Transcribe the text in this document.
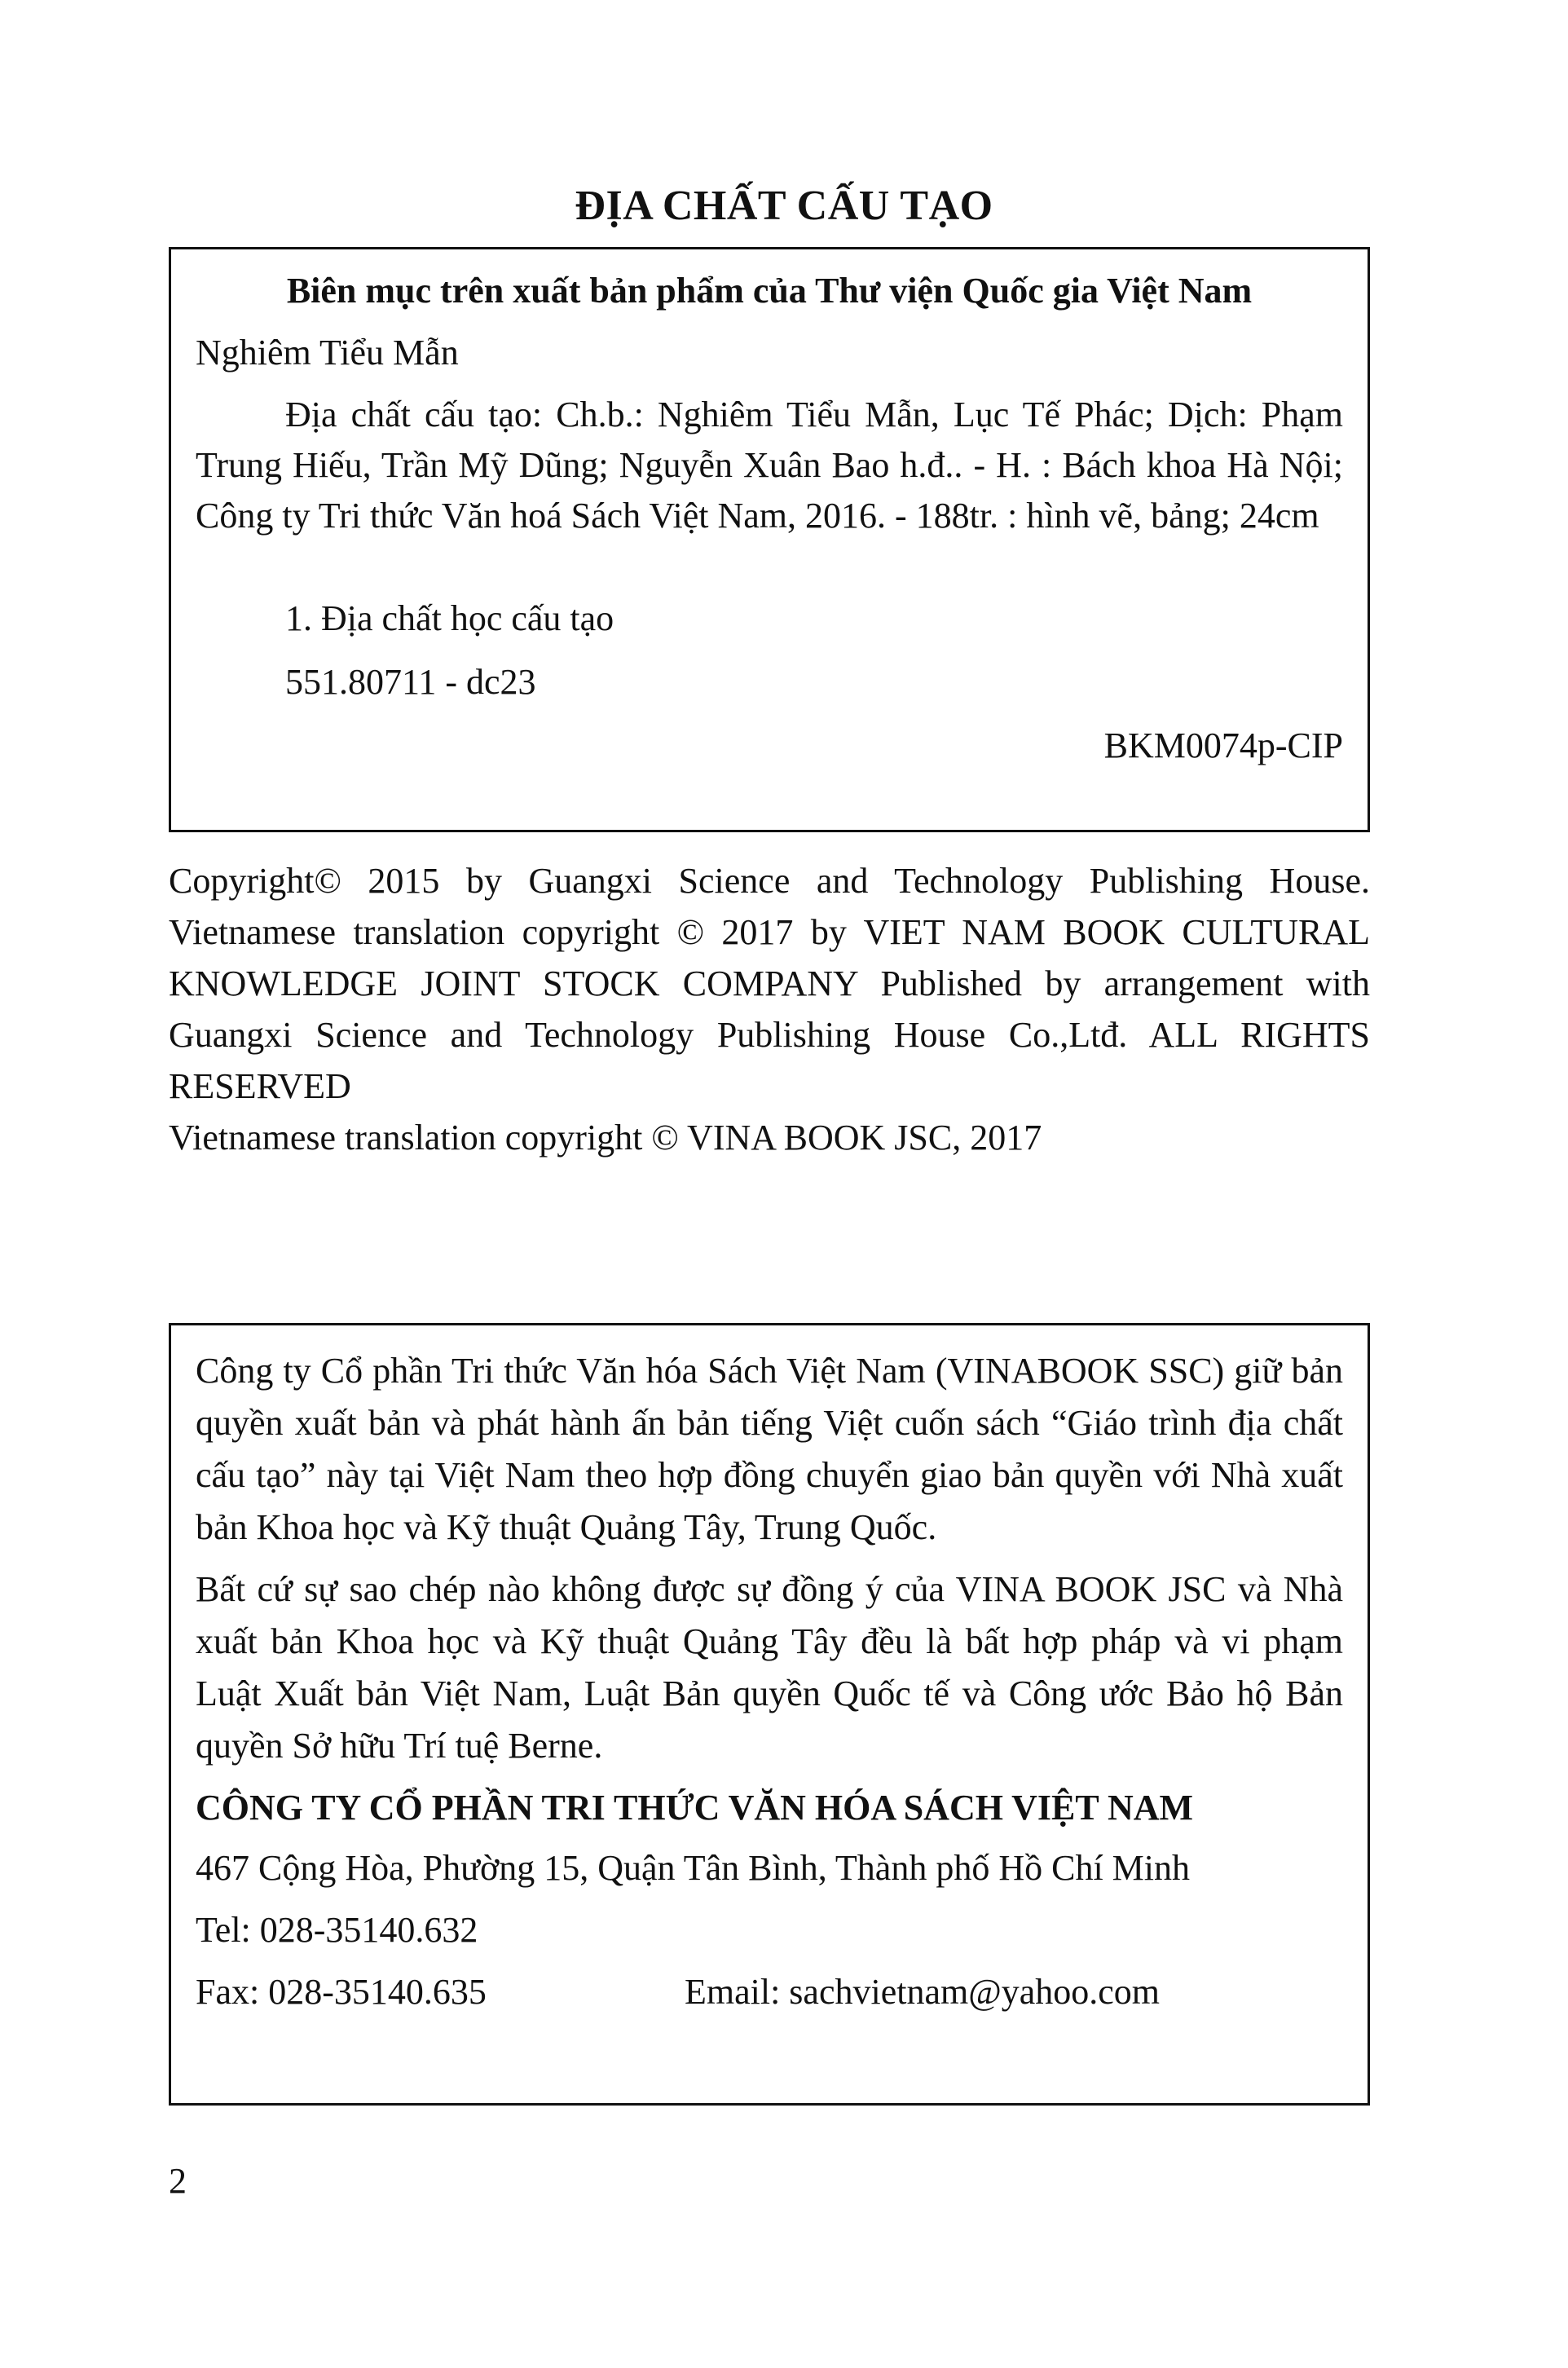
ĐỊA CHẤT CẤU TẠO
Biên mục trên xuất bản phẩm của Thư viện Quốc gia Việt Nam
Nghiêm Tiểu Mẫn
Địa chất cấu tạo: Ch.b.: Nghiêm Tiểu Mẫn, Lục Tế Phác; Dịch: Phạm Trung Hiếu, Trần Mỹ Dũng; Nguyễn Xuân Bao h.đ.. - H. : Bách khoa Hà Nội; Công ty Tri thức Văn hoá Sách Việt Nam, 2016. - 188tr. : hình vẽ, bảng; 24cm
1. Địa chất học cấu tạo
551.80711 - dc23
BKM0074p-CIP

Copyright© 2015 by Guangxi Science and Technology Publishing House. Vietnamese translation copyright © 2017 by VIET NAM BOOK CULTURAL KNOWLEDGE JOINT STOCK COMPANY Published by arrangement with Guangxi Science and Technology Publishing House Co.,Ltđ. ALL RIGHTS RESERVED

Vietnamese translation copyright © VINA BOOK JSC, 2017

Công ty Cổ phần Tri thức Văn hóa Sách Việt Nam (VINABOOK SSC) giữ bản quyền xuất bản và phát hành ấn bản tiếng Việt cuốn sách “Giáo trình địa chất cấu tạo” này tại Việt Nam theo hợp đồng chuyển giao bản quyền với Nhà xuất bản Khoa học và Kỹ thuật Quảng Tây, Trung Quốc.

Bất cứ sự sao chép nào không được sự đồng ý của VINA BOOK JSC và Nhà xuất bản Khoa học và Kỹ thuật Quảng Tây đều là bất hợp pháp và vi phạm Luật Xuất bản Việt Nam, Luật Bản quyền Quốc tế và Công ước Bảo hộ Bản quyền Sở hữu Trí tuệ Berne.

CÔNG TY CỔ PHẦN TRI THỨC VĂN HÓA SÁCH VIỆT NAM
467 Cộng Hòa, Phường 15, Quận Tân Bình, Thành phố Hồ Chí Minh
Tel: 028-35140.632
Fax: 028-35140.635	Email: sachvietnam@yahoo.com
2
